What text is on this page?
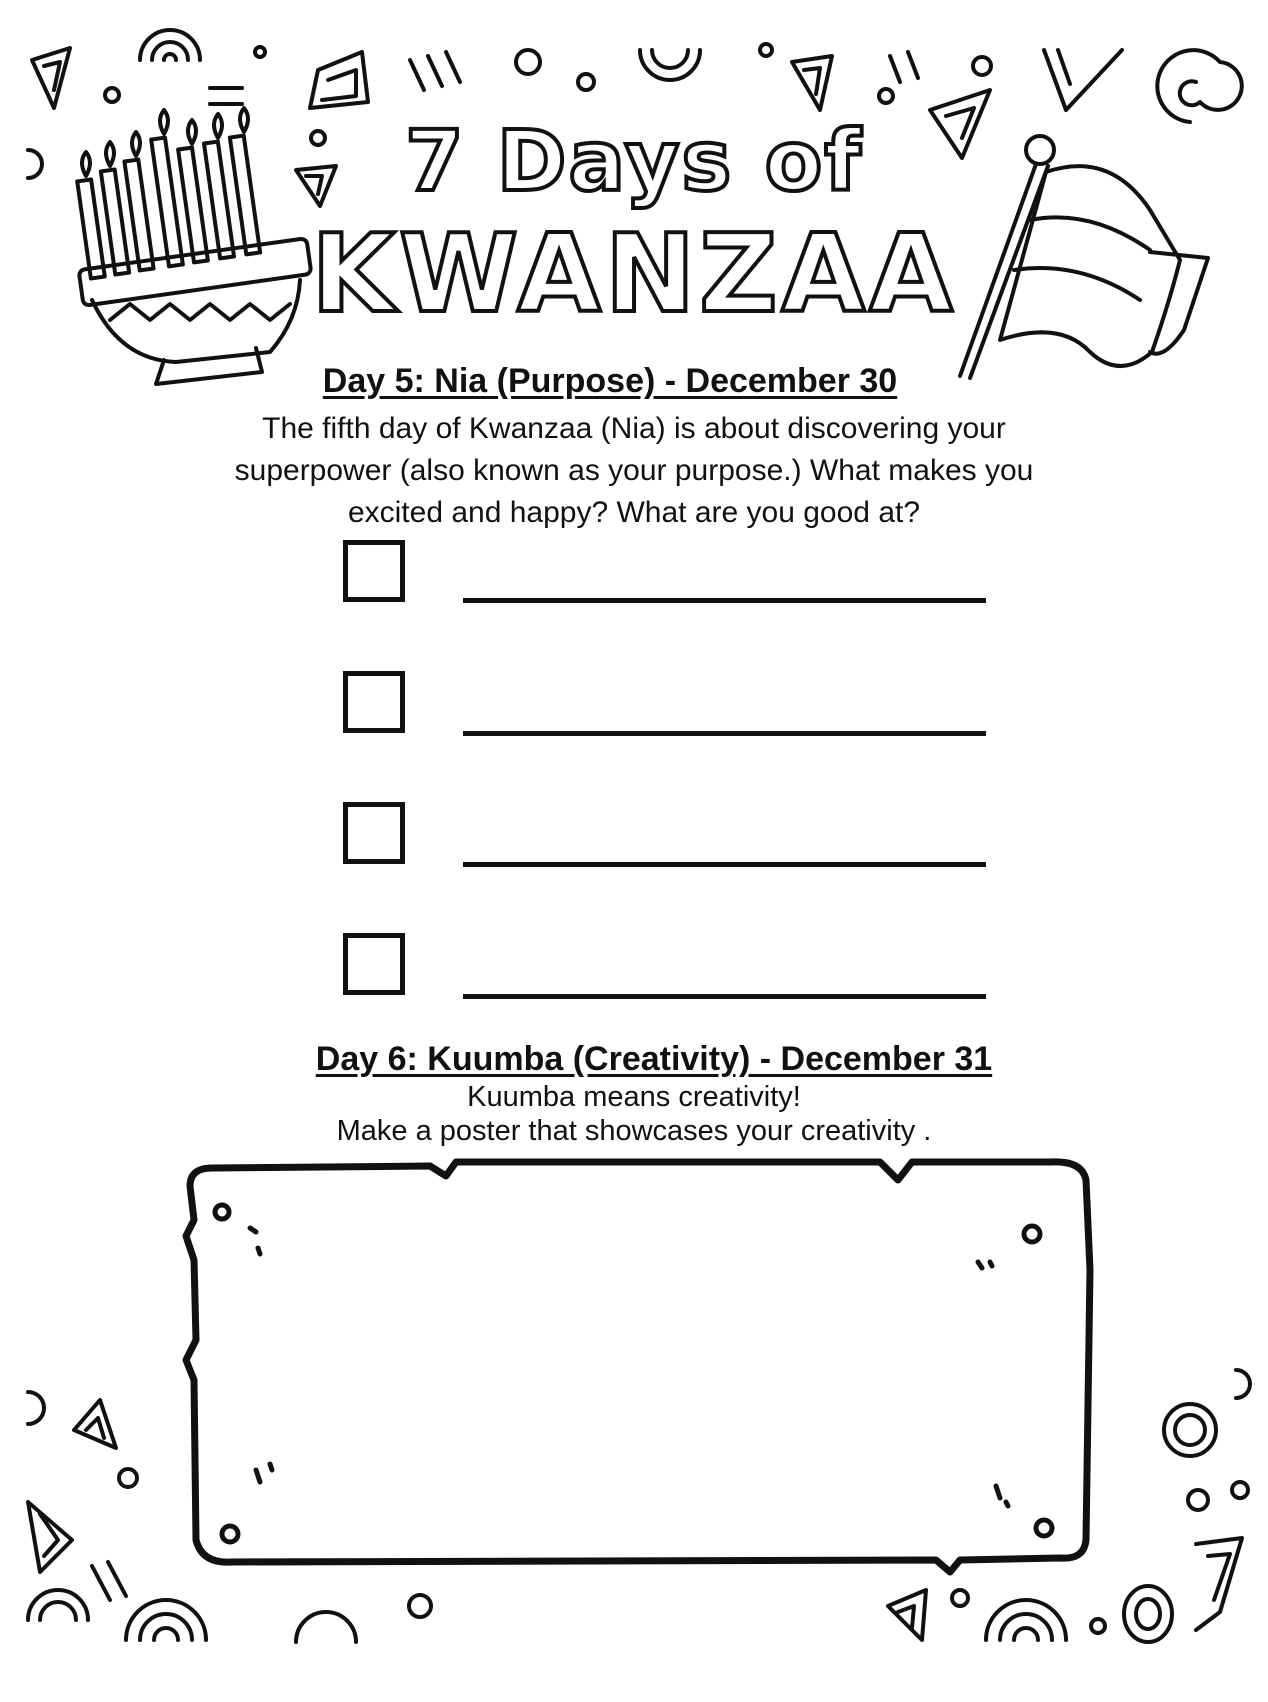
7 Days of
KWANZAA
Day 5: Nia (Purpose) - December 30
The fifth day of Kwanzaa (Nia) is about discovering your superpower (also known as your purpose.) What makes you excited and happy? What are you good at?
Day 6: Kuumba (Creativity) - December 31
Kuumba means creativity!
Make a poster that showcases your creativity .
